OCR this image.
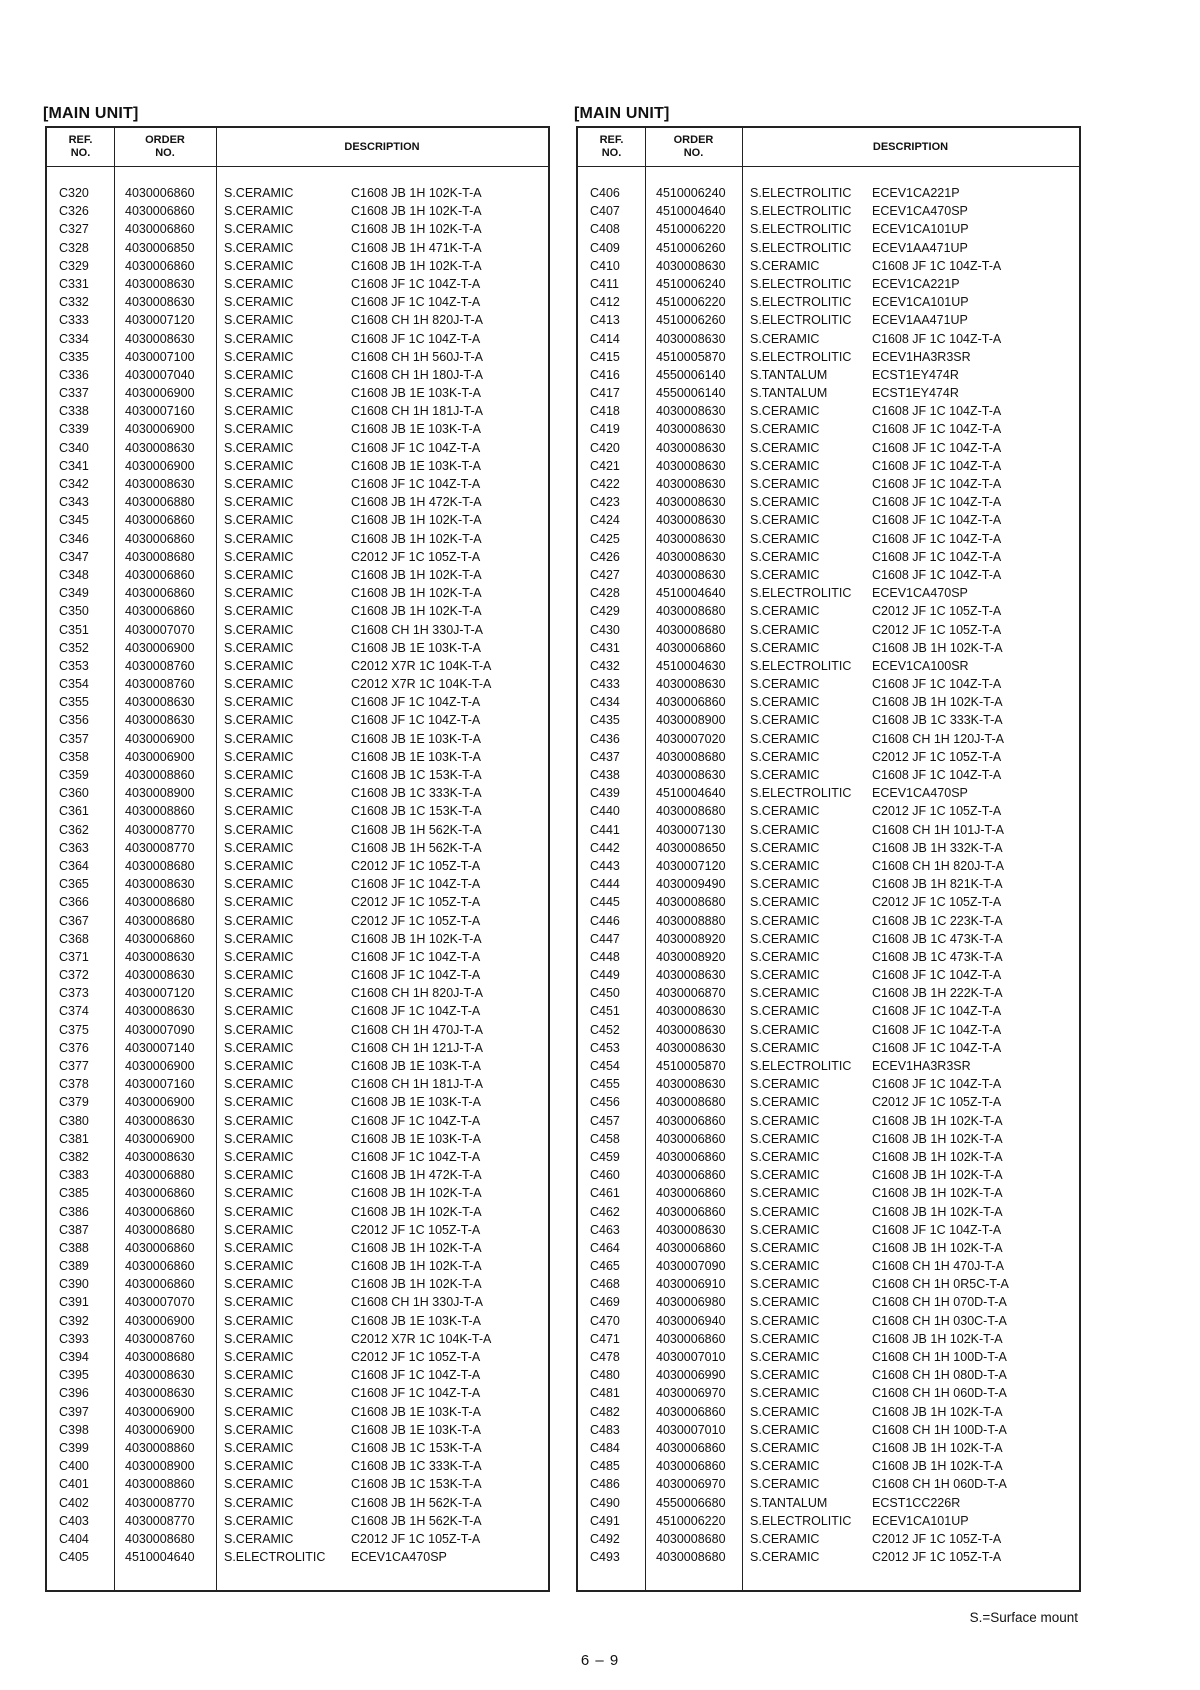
[MAIN UNIT]
REF.
NO.
ORDER
NO.
DESCRIPTION
C320	4030006860 S.CERAMIC	C1608 JB 1H 102K-T-A
C326	4030006860 S.CERAMIC	C1608 JB 1H 102K-T-A
C327	4030006860 S.CERAMIC	C1608 JB 1H 102K-T-A
C328	4030006850 S.CERAMIC	C1608 JB 1H 471K-T-A
C329	4030006860 S.CERAMIC	C1608 JB 1H 102K-T-A
C331	4030008630 S.CERAMIC	C1608 JF 1C 104Z-T-A
C332	4030008630 S.CERAMIC	C1608 JF 1C 104Z-T-A
C333	4030007120 S.CERAMIC	C1608 CH 1H 820J-T-A
C334	4030008630 S.CERAMIC	C1608 JF 1C 104Z-T-A
C335	4030007100 S.CERAMIC	C1608 CH 1H 560J-T-A
C336	4030007040 S.CERAMIC	C1608 CH 1H 180J-T-A
C337	4030006900 S.CERAMIC	C1608 JB 1E 103K-T-A
C338	4030007160 S.CERAMIC	C1608 CH 1H 181J-T-A
C339	4030006900 S.CERAMIC	C1608 JB 1E 103K-T-A
C340	4030008630 S.CERAMIC	C1608 JF 1C 104Z-T-A
C341	4030006900 S.CERAMIC	C1608 JB 1E 103K-T-A
C342	4030008630 S.CERAMIC	C1608 JF 1C 104Z-T-A
C343	4030006880 S.CERAMIC	C1608 JB 1H 472K-T-A
C345	4030006860 S.CERAMIC	C1608 JB 1H 102K-T-A
C346	4030006860 S.CERAMIC	C1608 JB 1H 102K-T-A
C347	4030008680 S.CERAMIC	C2012 JF 1C 105Z-T-A
C348	4030006860 S.CERAMIC	C1608 JB 1H 102K-T-A
C349	4030006860 S.CERAMIC	C1608 JB 1H 102K-T-A
C350	4030006860 S.CERAMIC	C1608 JB 1H 102K-T-A
C351	4030007070 S.CERAMIC	C1608 CH 1H 330J-T-A
C352	4030006900 S.CERAMIC	C1608 JB 1E 103K-T-A
C353	4030008760 S.CERAMIC	C2012 X7R 1C 104K-T-A
C354	4030008760 S.CERAMIC	C2012 X7R 1C 104K-T-A
C355	4030008630 S.CERAMIC	C1608 JF 1C 104Z-T-A
C356	4030008630 S.CERAMIC	C1608 JF 1C 104Z-T-A
C357	4030006900 S.CERAMIC	C1608 JB 1E 103K-T-A
C358	4030006900 S.CERAMIC	C1608 JB 1E 103K-T-A
C359	4030008860 S.CERAMIC	C1608 JB 1C 153K-T-A
C360	4030008900 S.CERAMIC	C1608 JB 1C 333K-T-A
C361	4030008860 S.CERAMIC	C1608 JB 1C 153K-T-A
C362	4030008770 S.CERAMIC	C1608 JB 1H 562K-T-A
C363	4030008770 S.CERAMIC	C1608 JB 1H 562K-T-A
C364	4030008680 S.CERAMIC	C2012 JF 1C 105Z-T-A
C365	4030008630 S.CERAMIC	C1608 JF 1C 104Z-T-A
C366	4030008680 S.CERAMIC	C2012 JF 1C 105Z-T-A
C367	4030008680 S.CERAMIC	C2012 JF 1C 105Z-T-A
C368	4030006860 S.CERAMIC	C1608 JB 1H 102K-T-A
C371	4030008630 S.CERAMIC	C1608 JF 1C 104Z-T-A
C372	4030008630 S.CERAMIC	C1608 JF 1C 104Z-T-A
C373	4030007120 S.CERAMIC	C1608 CH 1H 820J-T-A
C374	4030008630 S.CERAMIC	C1608 JF 1C 104Z-T-A
C375	4030007090 S.CERAMIC	C1608 CH 1H 470J-T-A
C376	4030007140 S.CERAMIC	C1608 CH 1H 121J-T-A
C377	4030006900 S.CERAMIC	C1608 JB 1E 103K-T-A
C378	4030007160 S.CERAMIC	C1608 CH 1H 181J-T-A
C379	4030006900 S.CERAMIC	C1608 JB 1E 103K-T-A
C380	4030008630 S.CERAMIC	C1608 JF 1C 104Z-T-A
C381	4030006900 S.CERAMIC	C1608 JB 1E 103K-T-A
C382	4030008630 S.CERAMIC	C1608 JF 1C 104Z-T-A
C383	4030006880 S.CERAMIC	C1608 JB 1H 472K-T-A
C385	4030006860 S.CERAMIC	C1608 JB 1H 102K-T-A
C386	4030006860 S.CERAMIC	C1608 JB 1H 102K-T-A
C387	4030008680 S.CERAMIC	C2012 JF 1C 105Z-T-A
C388	4030006860 S.CERAMIC	C1608 JB 1H 102K-T-A
C389	4030006860 S.CERAMIC	C1608 JB 1H 102K-T-A
C390	4030006860 S.CERAMIC	C1608 JB 1H 102K-T-A
C391	4030007070 S.CERAMIC	C1608 CH 1H 330J-T-A
C392	4030006900 S.CERAMIC	C1608 JB 1E 103K-T-A
C393	4030008760 S.CERAMIC	C2012 X7R 1C 104K-T-A
C394	4030008680 S.CERAMIC	C2012 JF 1C 105Z-T-A
C395	4030008630 S.CERAMIC	C1608 JF 1C 104Z-T-A
C396	4030008630 S.CERAMIC	C1608 JF 1C 104Z-T-A
C397	4030006900 S.CERAMIC	C1608 JB 1E 103K-T-A
C398	4030006900 S.CERAMIC	C1608 JB 1E 103K-T-A
C399	4030008860 S.CERAMIC	C1608 JB 1C 153K-T-A
C400	4030008900 S.CERAMIC	C1608 JB 1C 333K-T-A
C401	4030008860 S.CERAMIC	C1608 JB 1C 153K-T-A
C402	4030008770 S.CERAMIC	C1608 JB 1H 562K-T-A
C403	4030008770 S.CERAMIC	C1608 JB 1H 562K-T-A
C404	4030008680 S.CERAMIC	C2012 JF 1C 105Z-T-A
C405	4510004640 S.ELECTROLITIC ECEV1CA470SP
[MAIN UNIT]
REF.
NO.
ORDER
NO.
DESCRIPTION
C406	4510006240 S.ELECTROLITIC ECEV1CA221P
C407	4510004640 S.ELECTROLITIC ECEV1CA470SP
C408	4510006220 S.ELECTROLITIC ECEV1CA101UP
C409	4510006260 S.ELECTROLITIC ECEV1AA471UP
C410	4030008630 S.CERAMIC	C1608 JF 1C 104Z-T-A
C411	4510006240 S.ELECTROLITIC ECEV1CA221P
C412	4510006220 S.ELECTROLITIC ECEV1CA101UP
C413	4510006260 S.ELECTROLITIC ECEV1AA471UP
C414	4030008630 S.CERAMIC	C1608 JF 1C 104Z-T-A
C415	4510005870 S.ELECTROLITIC ECEV1HA3R3SR
C416	4550006140 S.TANTALUM	ECST1EY474R
C417	4550006140 S.TANTALUM	ECST1EY474R
C418	4030008630 S.CERAMIC	C1608 JF 1C 104Z-T-A
C419	4030008630 S.CERAMIC	C1608 JF 1C 104Z-T-A
C420	4030008630 S.CERAMIC	C1608 JF 1C 104Z-T-A
C421	4030008630 S.CERAMIC	C1608 JF 1C 104Z-T-A
C422	4030008630 S.CERAMIC	C1608 JF 1C 104Z-T-A
C423	4030008630 S.CERAMIC	C1608 JF 1C 104Z-T-A
C424	4030008630 S.CERAMIC	C1608 JF 1C 104Z-T-A
C425	4030008630 S.CERAMIC	C1608 JF 1C 104Z-T-A
C426	4030008630 S.CERAMIC	C1608 JF 1C 104Z-T-A
C427	4030008630 S.CERAMIC	C1608 JF 1C 104Z-T-A
C428	4510004640 S.ELECTROLITIC ECEV1CA470SP
C429	4030008680 S.CERAMIC	C2012 JF 1C 105Z-T-A
C430	4030008680 S.CERAMIC	C2012 JF 1C 105Z-T-A
C431	4030006860 S.CERAMIC	C1608 JB 1H 102K-T-A
C432	4510004630 S.ELECTROLITIC ECEV1CA100SR
C433	4030008630 S.CERAMIC	C1608 JF 1C 104Z-T-A
C434	4030006860 S.CERAMIC	C1608 JB 1H 102K-T-A
C435	4030008900 S.CERAMIC	C1608 JB 1C 333K-T-A
C436	4030007020 S.CERAMIC	C1608 CH 1H 120J-T-A
C437	4030008680 S.CERAMIC	C2012 JF 1C 105Z-T-A
C438	4030008630 S.CERAMIC	C1608 JF 1C 104Z-T-A
C439	4510004640 S.ELECTROLITIC ECEV1CA470SP
C440	4030008680 S.CERAMIC	C2012 JF 1C 105Z-T-A
C441	4030007130 S.CERAMIC	C1608 CH 1H 101J-T-A
C442	4030008650 S.CERAMIC	C1608 JB 1H 332K-T-A
C443	4030007120 S.CERAMIC	C1608 CH 1H 820J-T-A
C444	4030009490 S.CERAMIC	C1608 JB 1H 821K-T-A
C445	4030008680 S.CERAMIC	C2012 JF 1C 105Z-T-A
C446	4030008880 S.CERAMIC	C1608 JB 1C 223K-T-A
C447	4030008920 S.CERAMIC	C1608 JB 1C 473K-T-A
C448	4030008920 S.CERAMIC	C1608 JB 1C 473K-T-A
C449	4030008630 S.CERAMIC	C1608 JF 1C 104Z-T-A
C450	4030006870 S.CERAMIC	C1608 JB 1H 222K-T-A
C451	4030008630 S.CERAMIC	C1608 JF 1C 104Z-T-A
C452	4030008630 S.CERAMIC	C1608 JF 1C 104Z-T-A
C453	4030008630 S.CERAMIC	C1608 JF 1C 104Z-T-A
C454	4510005870 S.ELECTROLITIC ECEV1HA3R3SR
C455	4030008630 S.CERAMIC	C1608 JF 1C 104Z-T-A
C456	4030008680 S.CERAMIC	C2012 JF 1C 105Z-T-A
C457	4030006860 S.CERAMIC	C1608 JB 1H 102K-T-A
C458	4030006860 S.CERAMIC	C1608 JB 1H 102K-T-A
C459	4030006860 S.CERAMIC	C1608 JB 1H 102K-T-A
C460	4030006860 S.CERAMIC	C1608 JB 1H 102K-T-A
C461	4030006860 S.CERAMIC	C1608 JB 1H 102K-T-A
C462	4030006860 S.CERAMIC	C1608 JB 1H 102K-T-A
C463	4030008630 S.CERAMIC	C1608 JF 1C 104Z-T-A
C464	4030006860 S.CERAMIC	C1608 JB 1H 102K-T-A
C465	4030007090 S.CERAMIC	C1608 CH 1H 470J-T-A
C468	4030006910 S.CERAMIC	C1608 CH 1H 0R5C-T-A
C469	4030006980 S.CERAMIC	C1608 CH 1H 070D-T-A
C470	4030006940 S.CERAMIC	C1608 CH 1H 030C-T-A
C471	4030006860 S.CERAMIC	C1608 JB 1H 102K-T-A
C478	4030007010 S.CERAMIC	C1608 CH 1H 100D-T-A
C480	4030006990 S.CERAMIC	C1608 CH 1H 080D-T-A
C481	4030006970 S.CERAMIC	C1608 CH 1H 060D-T-A
C482	4030006860 S.CERAMIC	C1608 JB 1H 102K-T-A
C483	4030007010 S.CERAMIC	C1608 CH 1H 100D-T-A
C484	4030006860 S.CERAMIC	C1608 JB 1H 102K-T-A
C485	4030006860 S.CERAMIC	C1608 JB 1H 102K-T-A
C486	4030006970 S.CERAMIC	C1608 CH 1H 060D-T-A
C490	4550006680 S.TANTALUM	ECST1CC226R
C491	4510006220 S.ELECTROLITIC ECEV1CA101UP
C492	4030008680 S.CERAMIC	C2012 JF 1C 105Z-T-A
C493	4030008680 S.CERAMIC	C2012 JF 1C 105Z-T-A
S.=Surface mount
6 – 9
